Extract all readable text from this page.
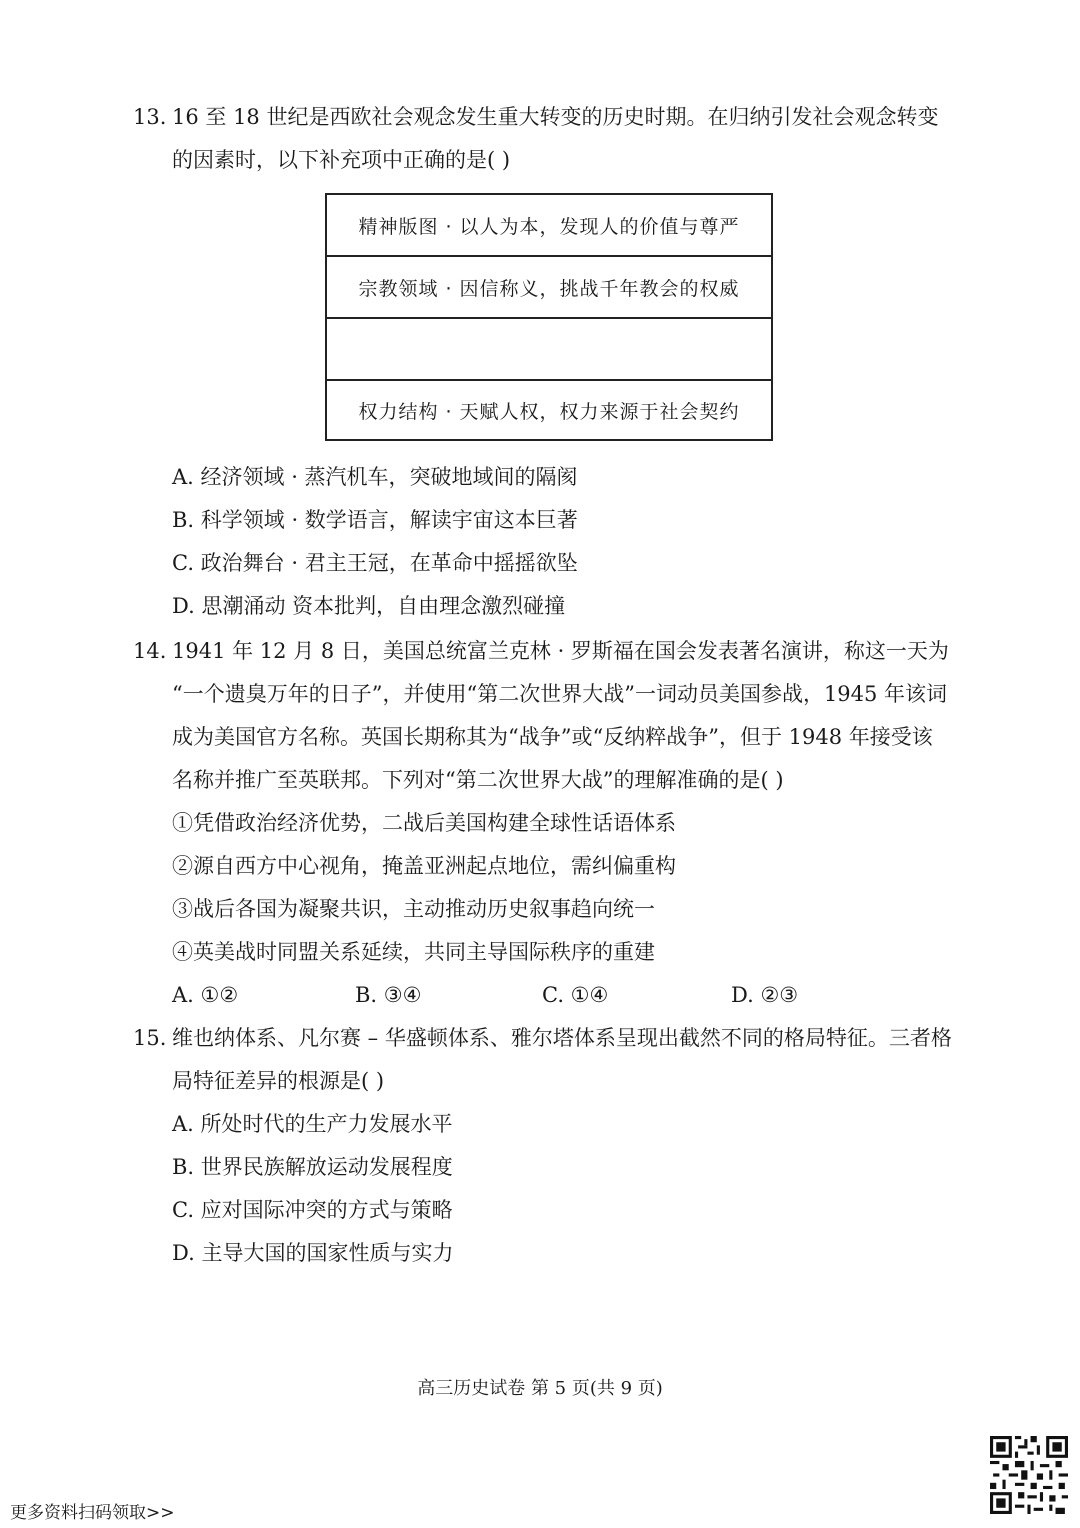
13. 16 至 18 世纪是西欧社会观念发生重大转变的历史时期。在归纳引发社会观念转变
的因素时，以下补充项中正确的是( )
精神版图 · 以人为本，发现人的价值与尊严
宗教领域 · 因信称义，挑战千年教会的权威
权力结构 · 天赋人权，权力来源于社会契约
A. 经济领域 · 蒸汽机车，突破地域间的隔阂
B. 科学领域 · 数学语言，解读宇宙这本巨著
C. 政治舞台 · 君主王冠，在革命中摇摇欲坠
D. 思潮涌动 资本批判，自由理念激烈碰撞
14. 1941 年 12 月 8 日，美国总统富兰克林 · 罗斯福在国会发表著名演讲，称这一天为
“一个遗臭万年的日子”，并使用“第二次世界大战”一词动员美国参战，1945 年该词
成为美国官方名称。英国长期称其为“战争”或“反纳粹战争”，但于 1948 年接受该
名称并推广至英联邦。下列对“第二次世界大战”的理解准确的是( )
①凭借政治经济优势，二战后美国构建全球性话语体系
②源自西方中心视角，掩盖亚洲起点地位，需纠偏重构
③战后各国为凝聚共识，主动推动历史叙事趋向统一
④英美战时同盟关系延续，共同主导国际秩序的重建
A. ①②	B. ③④	C. ①④	D. ②③
15. 维也纳体系、凡尔赛 – 华盛顿体系、雅尔塔体系呈现出截然不同的格局特征。三者格
局特征差异的根源是( )
A. 所处时代的生产力发展水平
B. 世界民族解放运动发展程度
C. 应对国际冲突的方式与策略
D. 主导大国的国家性质与实力
高三历史试卷 第 5 页(共 9 页)
更多资料扫码领取>>
